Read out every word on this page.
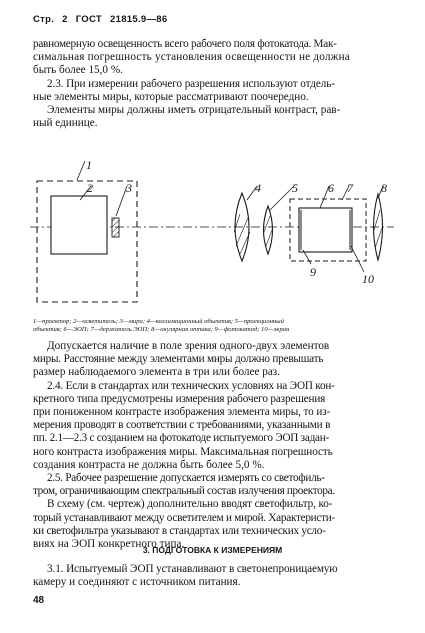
Стр. 2 ГОСТ 21815.9—86
равномерную освещенность всего рабочего поля фотокатода. Мак-
симальная погрешность установления освещенности не должна
быть более 15,0 %.
2.3. При измерении рабочего разрешения используют отдель-
ные элементы миры, которые рассматривают поочередно.
Элементы миры должны иметь отрицательный контраст, рав-
ный единице.
1
2	3	4	5	6 7 8
9	10
1—проектор; 2—осветитель; 3—мира; 4—коллимационный объектив; 5—проекционный
объектив; 6—ЭОП; 7—держатель ЭОП; 8—окулярная оптика; 9—фотокатод; 10—экран
Допускается наличие в поле зрения одного-двух элементов
миры. Расстояние между элементами миры должно превышать
размер наблюдаемого элемента в три или более раз.
2.4. Если в стандартах или технических условиях на ЭОП кон-
кретного типа предусмотрены измерения рабочего разрешения
при пониженном контрасте изображения элемента миры, то из-
мерения проводят в соответствии с требованиями, указанными в
пп. 2.1—2.3 с созданием на фотокатоде испытуемого ЭОП задан-
ного контраста изображения миры. Максимальная погрешность
создания контраста не должна быть более 5,0 %.
2.5. Рабочее разрешение допускается измерять со светофиль-
тром, ограничивающим спектральный состав излучения проектора.
В схему (см. чертеж) дополнительно вводят светофильтр, ко-
торый устанавливают между осветителем и мирой. Характеристи-
ки светофильтра указывают в стандартах или технических усло-
виях на ЭОП конкретного типа.
3. ПОДГОТОВКА К ИЗМЕРЕНИЯМ
3.1. Испытуемый ЭОП устанавливают в светонепроницаемую
камеру и соединяют с источником питания.
48
